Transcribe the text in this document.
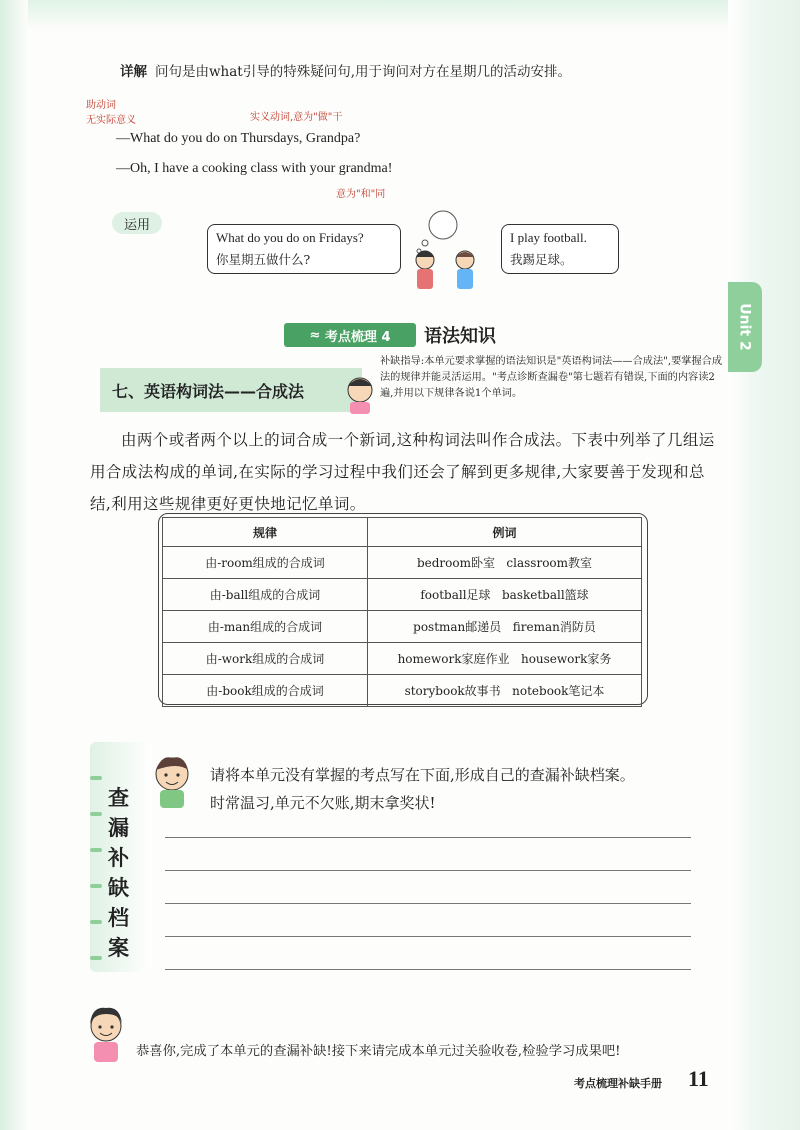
Unit 2
详解 问句是由what引导的特殊疑问句,用于询问对方在星期几的活动安排。
助动词
无实际意义	实义动词,意为"做"干
—What do you do on Thursdays, Grandpa?
—Oh, I have a cooking class with your grandma!
意为"和"同
运用
What do you do on Fridays?
你星期五做什么?
I play football.
我踢足球。
≈ 考点梳理 4 语法知识
七、英语构词法——合成法
补缺指导:本单元要求掌握的语法知识是"英语构词法——合成法",要掌握合成法的规律并能灵活运用。"考点诊断查漏卷"第七题若有错误,下面的内容读2遍,并用以下规律各说1个单词。
由两个或者两个以上的词合成一个新词,这种构词法叫作合成法。下表中列举了几组运用合成法构成的单词,在实际的学习过程中我们还会了解到更多规律,大家要善于发现和总结,利用这些规律更好更快地记忆单词。
规律	例词
由-room组成的合成词	bedroom卧室   classroom教室
由-ball组成的合成词	football足球   basketball篮球
由-man组成的合成词	postman邮递员   fireman消防员
由-work组成的合成词	homework家庭作业   housework家务
由-book组成的合成词	storybook故事书   notebook笔记本
查
漏
补
缺
档
案
请将本单元没有掌握的考点写在下面,形成自己的查漏补缺档案。
时常温习,单元不欠账,期末拿奖状!
恭喜你,完成了本单元的查漏补缺!接下来请完成本单元过关验收卷,检验学习成果吧!
考点梳理补缺手册 11
